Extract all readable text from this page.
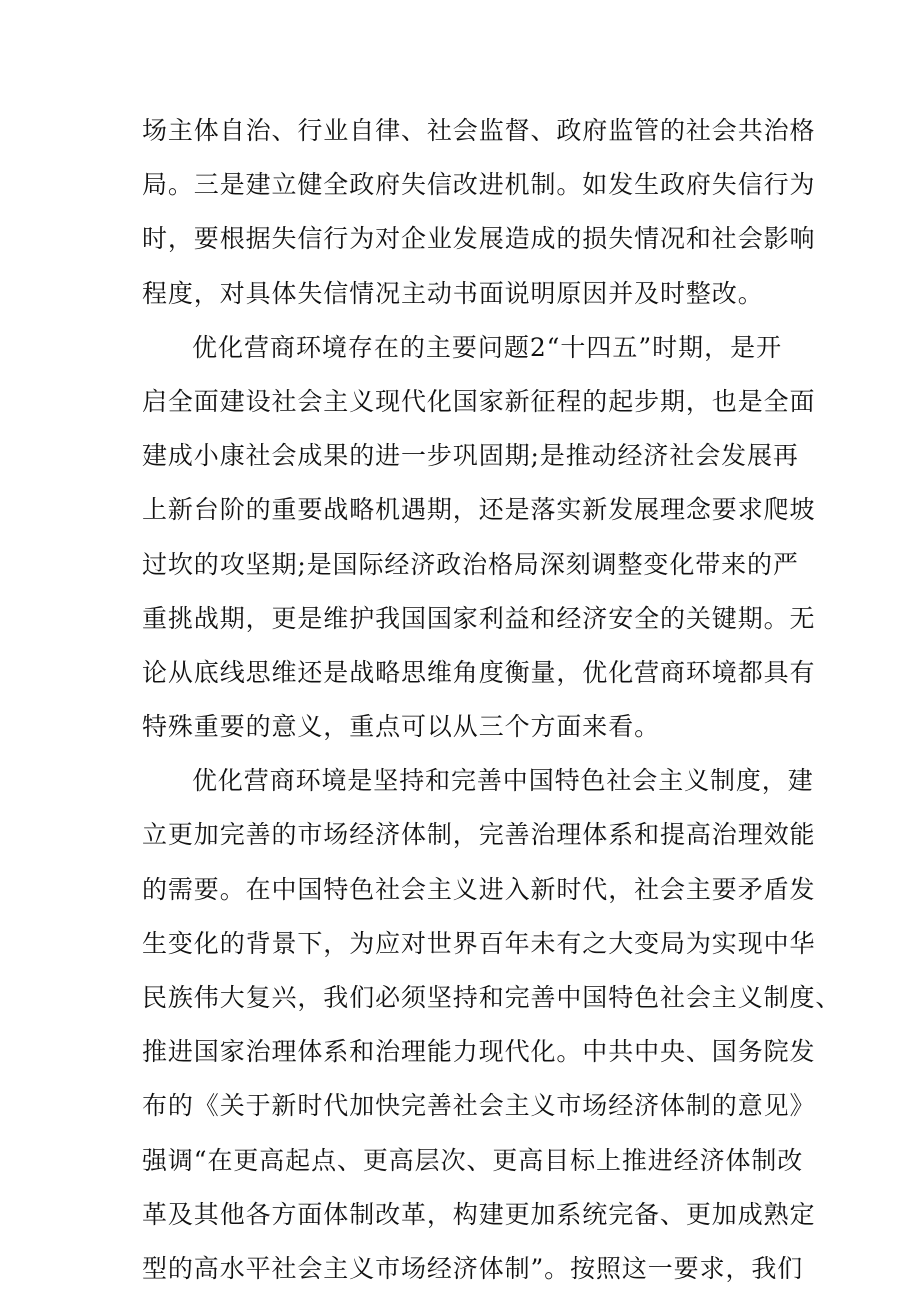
场主体自治、行业自律、社会监督、政府监管的社会共治格
局。三是建立健全政府失信改进机制。如发生政府失信行为
时，要根据失信行为对企业发展造成的损失情况和社会影响
程度，对具体失信情况主动书面说明原因并及时整改。
优化营商环境存在的主要问题2“十四五”时期，是开
启全面建设社会主义现代化国家新征程的起步期，也是全面
建成小康社会成果的进一步巩固期;是推动经济社会发展再
上新台阶的重要战略机遇期，还是落实新发展理念要求爬坡
过坎的攻坚期;是国际经济政治格局深刻调整变化带来的严
重挑战期，更是维护我国国家利益和经济安全的关键期。无
论从底线思维还是战略思维角度衡量，优化营商环境都具有
特殊重要的意义，重点可以从三个方面来看。
优化营商环境是坚持和完善中国特色社会主义制度，建
立更加完善的市场经济体制，完善治理体系和提高治理效能
的需要。在中国特色社会主义进入新时代，社会主要矛盾发
生变化的背景下，为应对世界百年未有之大变局为实现中华
民族伟大复兴，我们必须坚持和完善中国特色社会主义制度、
推进国家治理体系和治理能力现代化。中共中央、国务院发
布的《关于新时代加快完善社会主义市场经济体制的意见》
强调“在更高起点、更高层次、更高目标上推进经济体制改
革及其他各方面体制改革，构建更加系统完备、更加成熟定
型的高水平社会主义市场经济体制”。按照这一要求，我们
